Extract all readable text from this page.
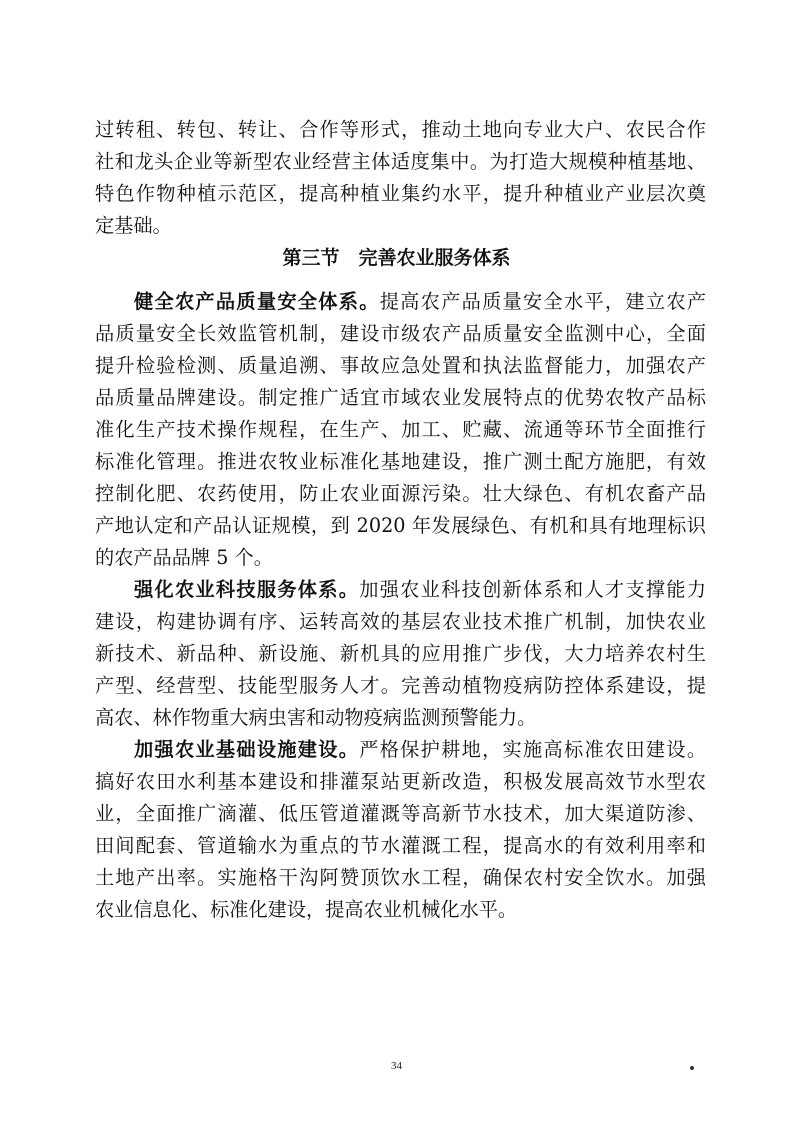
过转租、转包、转让、合作等形式，推动土地向专业大户、农民合作

社和龙头企业等新型农业经营主体适度集中。为打造大规模种植基地、

特色作物种植示范区，提高种植业集约水平，提升种植业产业层次奠

定基础。

第三节　完善农业服务体系

健全农产品质量安全体系。提高农产品质量安全水平，建立农产

品质量安全长效监管机制，建设市级农产品质量安全监测中心，全面

提升检验检测、质量追溯、事故应急处置和执法监督能力，加强农产

品质量品牌建设。制定推广适宜市域农业发展特点的优势农牧产品标

准化生产技术操作规程，在生产、加工、贮藏、流通等环节全面推行

标准化管理。推进农牧业标准化基地建设，推广测土配方施肥，有效

控制化肥、农药使用，防止农业面源污染。壮大绿色、有机农畜产品

产地认定和产品认证规模，到 2020 年发展绿色、有机和具有地理标识

的农产品品牌 5 个。

强化农业科技服务体系。加强农业科技创新体系和人才支撑能力

建设，构建协调有序、运转高效的基层农业技术推广机制，加快农业

新技术、新品种、新设施、新机具的应用推广步伐，大力培养农村生

产型、经营型、技能型服务人才。完善动植物疫病防控体系建设，提

高农、林作物重大病虫害和动物疫病监测预警能力。

加强农业基础设施建设。严格保护耕地，实施高标准农田建设。

搞好农田水利基本建设和排灌泵站更新改造，积极发展高效节水型农

业，全面推广滴灌、低压管道灌溉等高新节水技术，加大渠道防渗、

田间配套、管道输水为重点的节水灌溉工程，提高水的有效利用率和

土地产出率。实施格干沟阿赞顶饮水工程，确保农村安全饮水。加强

农业信息化、标准化建设，提高农业机械化水平。

34
